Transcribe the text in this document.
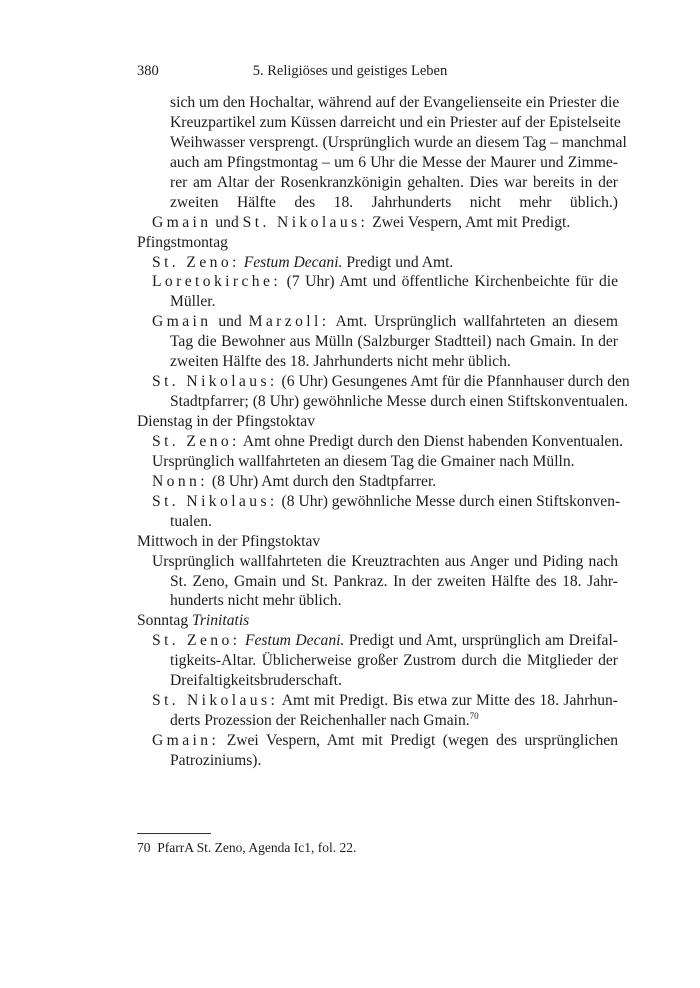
380	5. Religiöses und geistiges Leben
sich um den Hochaltar, während auf der Evangelienseite ein Priester die
Kreuzpartikel zum Küssen darreicht und ein Priester auf der Epistelseite
Weihwasser versprengt. (Ursprünglich wurde an diesem Tag – manchmal
auch am Pfingstmontag – um 6 Uhr die Messe der Maurer und Zimme-
rer am Altar der Rosenkranzkönigin gehalten. Dies war bereits in der
zweiten Hälfte des 18. Jahrhunderts nicht mehr üblich.)
Gmain und St. Nikolaus: Zwei Vespern, Amt mit Predigt.
Pfingstmontag
St. Zeno: Festum Decani. Predigt und Amt.
Loretokirche: (7 Uhr) Amt und öffentliche Kirchenbeichte für die
Müller.
Gmain und Marzoll: Amt. Ursprünglich wallfahrteten an diesem
Tag die Bewohner aus Mülln (Salzburger Stadtteil) nach Gmain. In der
zweiten Hälfte des 18. Jahrhunderts nicht mehr üblich.
St. Nikolaus: (6 Uhr) Gesungenes Amt für die Pfannhauser durch den
Stadtpfarrer; (8 Uhr) gewöhnliche Messe durch einen Stiftskonventualen.
Dienstag in der Pfingstoktav
St. Zeno: Amt ohne Predigt durch den Dienst habenden Konventualen.
Ursprünglich wallfahrteten an diesem Tag die Gmainer nach Mülln.
Nonn: (8 Uhr) Amt durch den Stadtpfarrer.
St. Nikolaus: (8 Uhr) gewöhnliche Messe durch einen Stiftskonven-
tualen.
Mittwoch in der Pfingstoktav
Ursprünglich wallfahrteten die Kreuztrachten aus Anger und Piding nach
St. Zeno, Gmain und St. Pankraz. In der zweiten Hälfte des 18. Jahr-
hunderts nicht mehr üblich.
Sonntag Trinitatis
St. Zeno: Festum Decani. Predigt und Amt, ursprünglich am Dreifal-
tigkeits-Altar. Üblicherweise großer Zustrom durch die Mitglieder der
Dreifaltigkeitsbruderschaft.
St. Nikolaus: Amt mit Predigt. Bis etwa zur Mitte des 18. Jahrhun-
derts Prozession der Reichenhaller nach Gmain.$^{70}$
Gmain: Zwei Vespern, Amt mit Predigt (wegen des ursprünglichen
Patroziniums).
70 PfarrA St. Zeno, Agenda Ic1, fol. 22.
